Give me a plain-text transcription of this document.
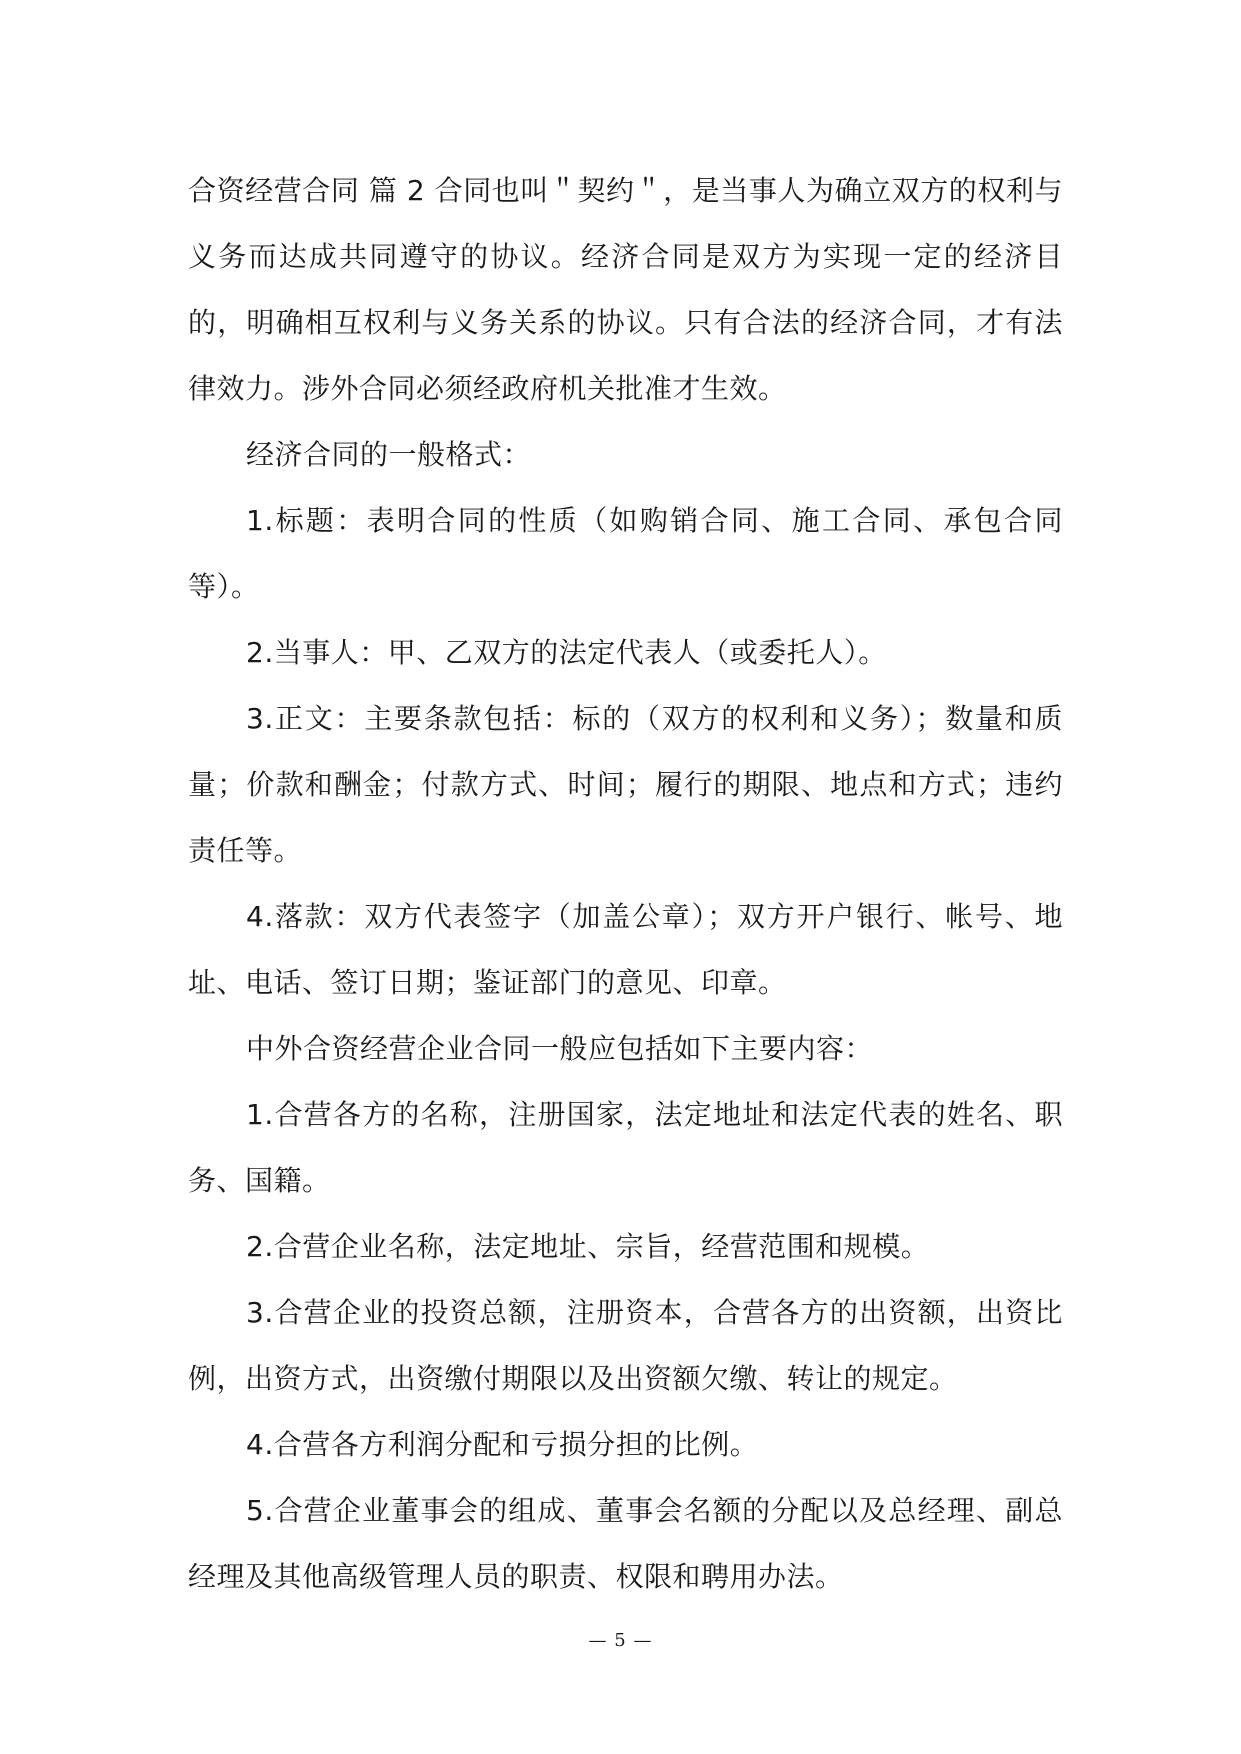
合资经营合同 篇 2 合同也叫＂契约＂，是当事人为确立双方的权利与义务而达成共同遵守的协议。经济合同是双方为实现一定的经济目的，明确相互权利与义务关系的协议。只有合法的经济合同，才有法律效力。涉外合同必须经政府机关批准才生效。

经济合同的一般格式：

1.标题：表明合同的性质（如购销合同、施工合同、承包合同等）。

2.当事人：甲、乙双方的法定代表人（或委托人）。

3.正文：主要条款包括：标的（双方的权利和义务）；数量和质量；价款和酬金；付款方式、时间；履行的期限、地点和方式；违约责任等。

4.落款：双方代表签字（加盖公章）；双方开户银行、帐号、地址、电话、签订日期；鉴证部门的意见、印章。

中外合资经营企业合同一般应包括如下主要内容：

1.合营各方的名称，注册国家，法定地址和法定代表的姓名、职务、国籍。

2.合营企业名称，法定地址、宗旨，经营范围和规模。

3.合营企业的投资总额，注册资本，合营各方的出资额，出资比例，出资方式，出资缴付期限以及出资额欠缴、转让的规定。

4.合营各方利润分配和亏损分担的比例。

5.合营企业董事会的组成、董事会名额的分配以及总经理、副总经理及其他高级管理人员的职责、权限和聘用办法。

— 5 —
